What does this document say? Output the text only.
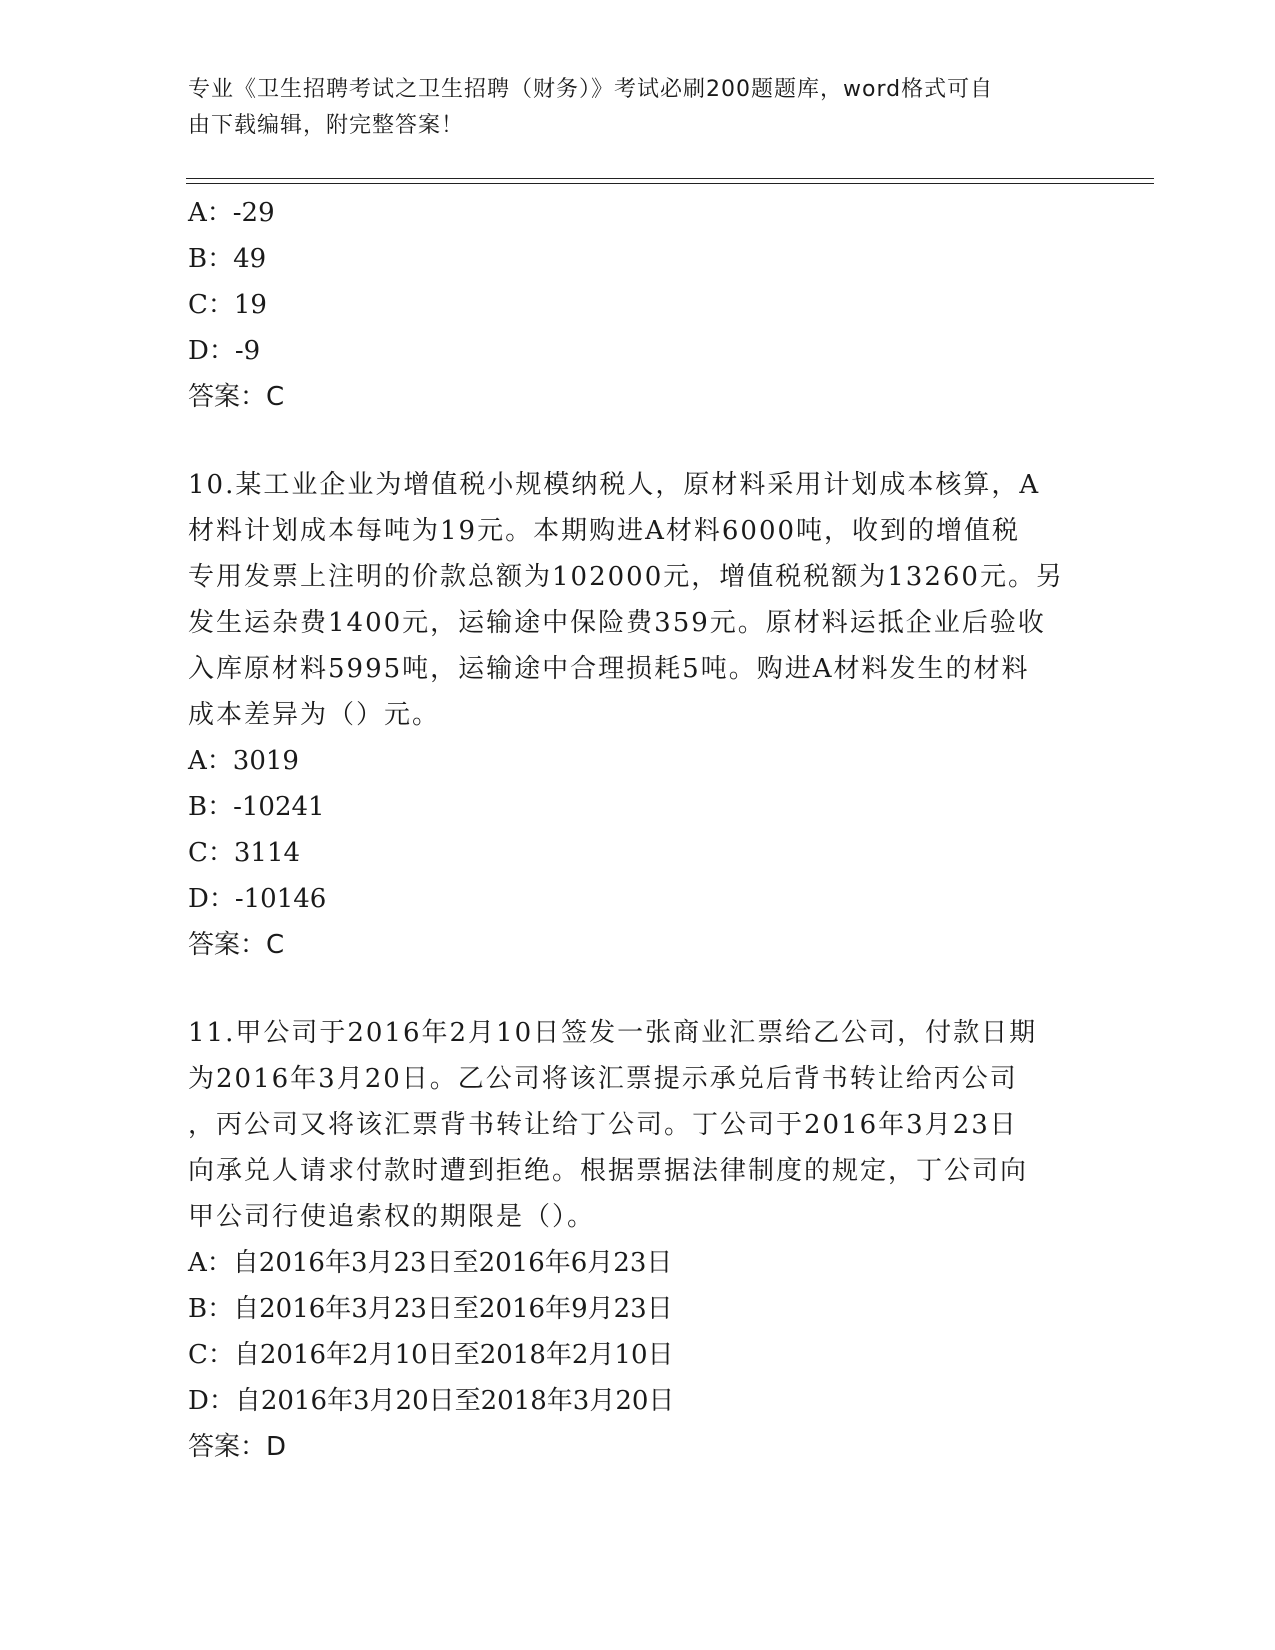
专业《卫生招聘考试之卫生招聘（财务）》考试必刷200题题库，word格式可自
由下载编辑，附完整答案！
A：-29
B：49
C：19
D：-9
答案：C
10.某工业企业为增值税小规模纳税人，原材料采用计划成本核算，A
材料计划成本每吨为19元。本期购进A材料6000吨，收到的增值税
专用发票上注明的价款总额为102000元，增值税税额为13260元。另
发生运杂费1400元，运输途中保险费359元。原材料运抵企业后验收
入库原材料5995吨，运输途中合理损耗5吨。购进A材料发生的材料
成本差异为（）元。
A：3019
B：-10241
C：3114
D：-10146
答案：C
11.甲公司于2016年2月10日签发一张商业汇票给乙公司，付款日期
为2016年3月20日。乙公司将该汇票提示承兑后背书转让给丙公司
，丙公司又将该汇票背书转让给丁公司。丁公司于2016年3月23日
向承兑人请求付款时遭到拒绝。根据票据法律制度的规定，丁公司向
甲公司行使追索权的期限是（）。
A：自2016年3月23日至2016年6月23日
B：自2016年3月23日至2016年9月23日
C：自2016年2月10日至2018年2月10日
D：自2016年3月20日至2018年3月20日
答案：D
